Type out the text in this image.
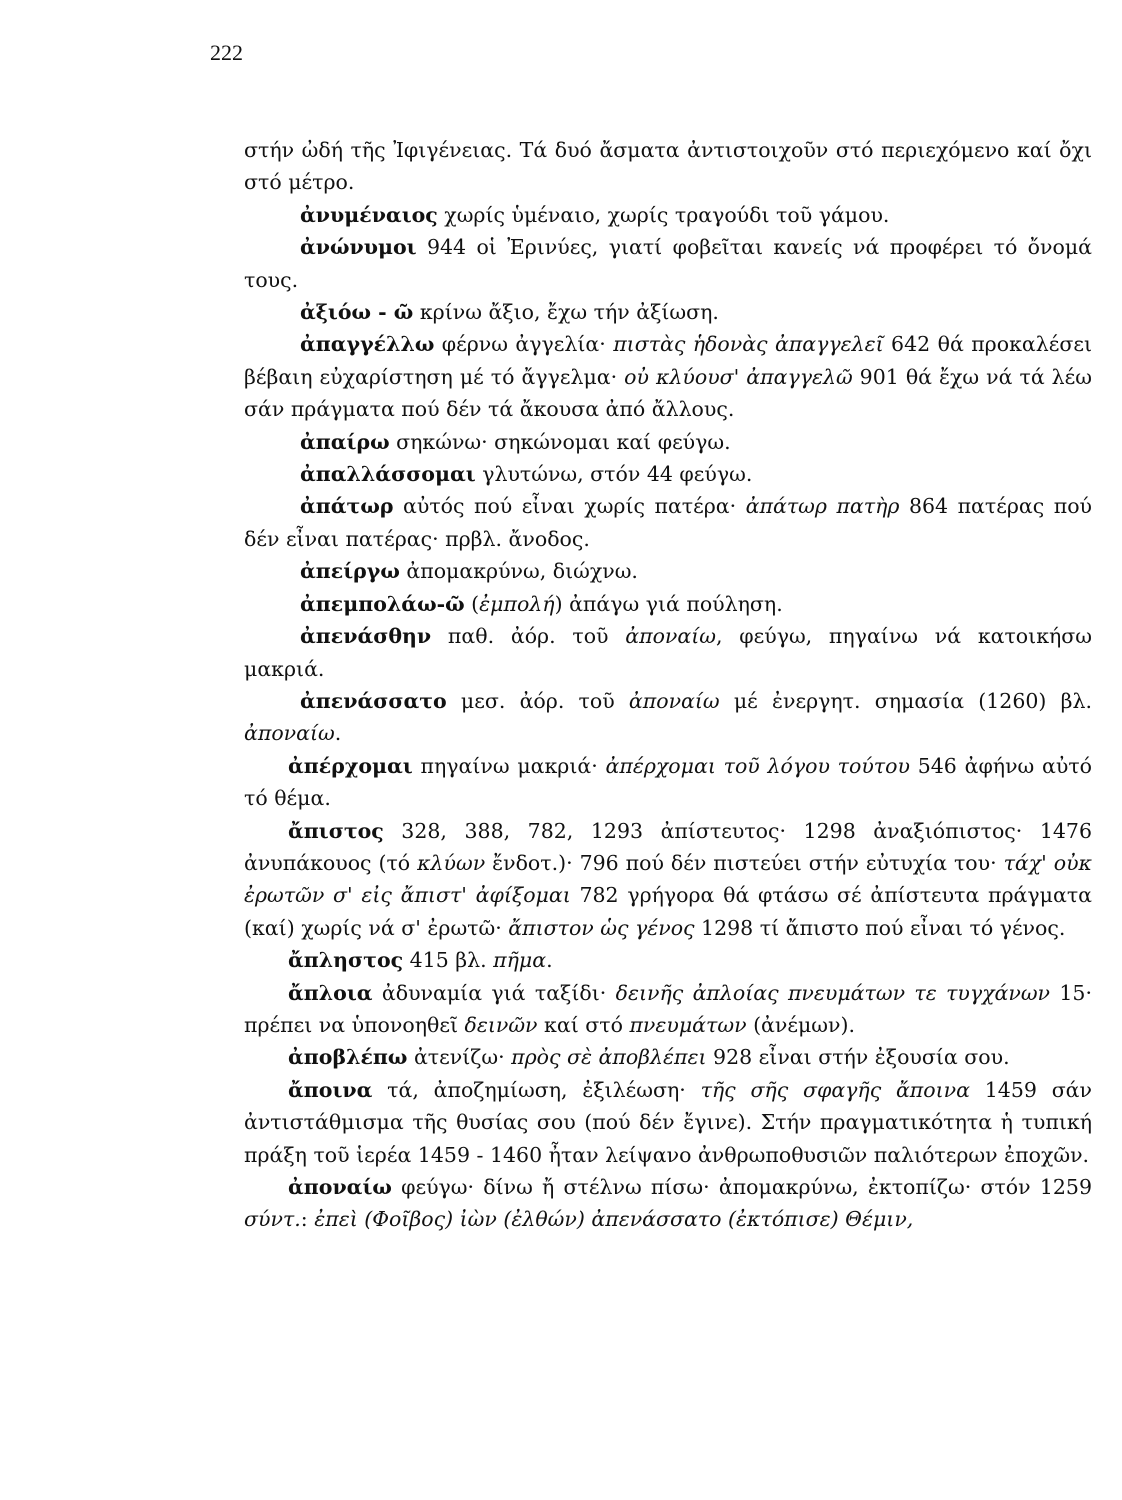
222

στήν ὠδή τῆς Ἰφιγένειας. Τά δυό ἄσματα ἀντιστοιχοῦν στό περιεχόμενο καί ὄχι στό μέτρο.

ἀνυμέναιος χωρίς ὑμέναιο, χωρίς τραγούδι τοῦ γάμου.

ἀνώνυμοι 944 οἱ Ἐρινύες, γιατί φοβεῖται κανείς νά προφέρει τό ὄνομά τους.

ἀξιόω - ῶ κρίνω ἄξιο, ἔχω τήν ἀξίωση.

ἀπαγγέλλω φέρνω ἀγγελία· πιστὰς ἡδονὰς ἀπαγγελεῖ 642 θά προκαλέσει βέβαιη εὐχαρίστηση μέ τό ἄγγελμα· οὐ κλύουσ' ἀπαγγελῶ 901 θά ἔχω νά τά λέω σάν πράγματα πού δέν τά ἄκουσα ἀπό ἄλλους.

ἀπαίρω σηκώνω· σηκώνομαι καί φεύγω.

ἀπαλλάσσομαι γλυτώνω, στόν 44 φεύγω.

ἀπάτωρ αὐτός πού εἶναι χωρίς πατέρα· ἀπάτωρ πατὴρ 864 πατέρας πού δέν εἶναι πατέρας· πρβλ. ἄνοδος.

ἀπείργω ἀπομακρύνω, διώχνω.

ἀπεμπολάω-ῶ (ἐμπολή) ἀπάγω γιά πούληση.

ἀπενάσθην παθ. ἀόρ. τοῦ ἀποναίω, φεύγω, πηγαίνω νά κατοικήσω μακριά.

ἀπενάσσατο μεσ. ἀόρ. τοῦ ἀποναίω μέ ἐνεργητ. σημασία (1260) βλ. ἀποναίω.

ἀπέρχομαι πηγαίνω μακριά· ἀπέρχομαι τοῦ λόγου τούτου 546 ἀφήνω αὐτό τό θέμα.

ἄπιστος 328, 388, 782, 1293 ἀπίστευτος· 1298 ἀναξιόπιστος· 1476 ἀνυπάκουος (τό κλύων ἔνδοτ.)· 796 πού δέν πιστεύει στήν εὐτυχία του· τάχ' οὐκ ἐρωτῶν σ' εἰς ἄπιστ' ἀφίξομαι 782 γρήγορα θά φτάσω σέ ἀπίστευτα πράγματα (καί) χωρίς νά σ' ἐρωτῶ· ἄπιστον ὡς γένος 1298 τί ἄπιστο πού εἶναι τό γένος.

ἄπληστος 415 βλ. πῆμα.

ἄπλοια ἀδυναμία γιά ταξίδι· δεινῆς ἀπλοίας πνευμάτων τε τυγχάνων 15· πρέπει να ὑπονοηθεῖ δεινῶν καί στό πνευμάτων (ἀνέμων).

ἀποβλέπω ἀτενίζω· πρὸς σὲ ἀποβλέπει 928 εἶναι στήν ἐξουσία σου.

ἄποινα τά, ἀποζημίωση, ἐξιλέωση· τῆς σῆς σφαγῆς ἄποινα 1459 σάν ἀντιστάθμισμα τῆς θυσίας σου (πού δέν ἔγινε). Στήν πραγματικότητα ἡ τυπική πράξη τοῦ ἱερέα 1459 - 1460 ἦταν λείψανο ἀνθρωποθυσιῶν παλιότερων ἐποχῶν.

ἀποναίω φεύγω· δίνω ἤ στέλνω πίσω· ἀπομακρύνω, ἐκτοπίζω· στόν 1259 σύντ.: ἐπεὶ (Φοῖβος) ἰὼν (ἐλθών) ἀπενάσσατο (ἐκτόπισε) Θέμιν,
